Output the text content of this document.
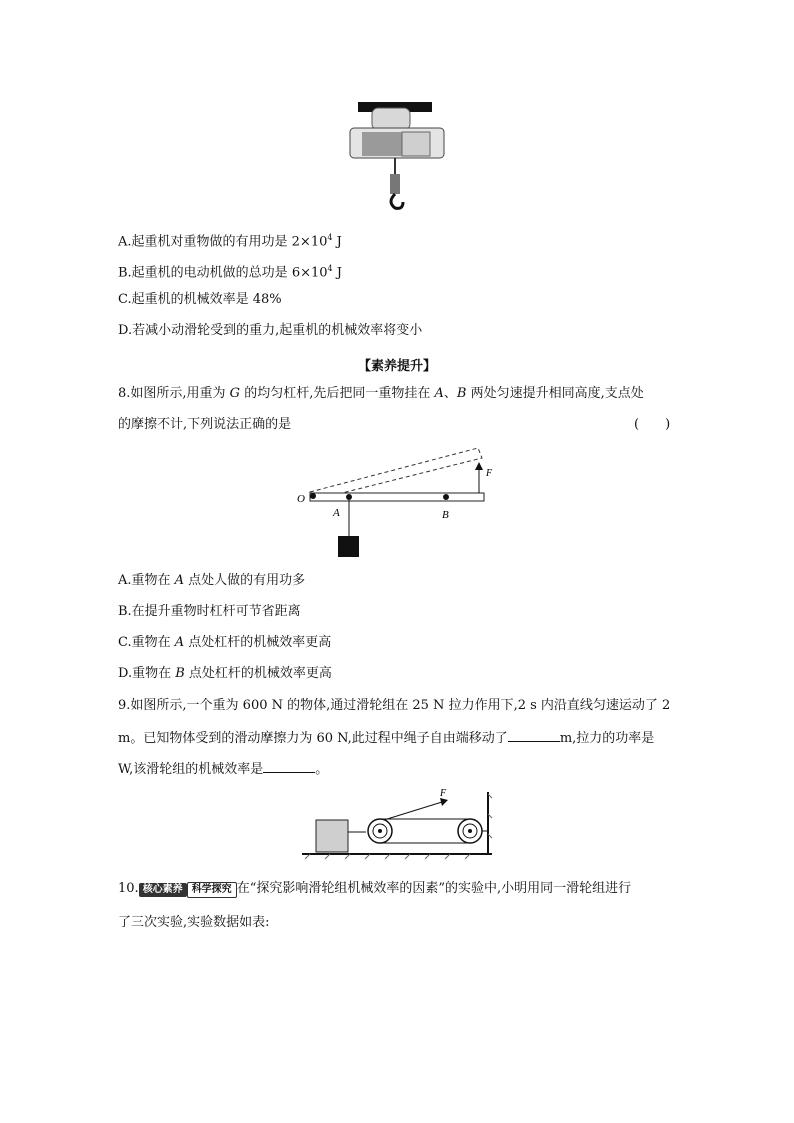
A.起重机对重物做的有用功是 $2\times 10^4$ J
B.起重机的电动机做的总功是 $6\times 10^4$ J
C.起重机的机械效率是 48%
D.若减小动滑轮受到的重力,起重机的机械效率将变小
【素养提升】
8.如图所示,用重为 G 的均匀杠杆,先后把同一重物挂在 A、B 两处匀速提升相同高度,支点处
的摩擦不计,下列说法正确的是	(　　)
O
A	B
F
A.重物在 A 点处人做的有用功多
B.在提升重物时杠杆可节省距离
C.重物在 A 点处杠杆的机械效率更高
D.重物在 B 点处杠杆的机械效率更高
9.如图所示,一个重为 600 N 的物体,通过滑轮组在 25 N 拉力作用下,2 s 内沿直线匀速运动了 2
m。已知物体受到的滑动摩擦力为 60 N,此过程中绳子自由端移动了	m,拉力的功率是
W,该滑轮组的机械效率是	。
F
10. 核心素养 科学探究 在“探究影响滑轮组机械效率的因素”的实验中,小明用同一滑轮组进行
了三次实验,实验数据如表:
